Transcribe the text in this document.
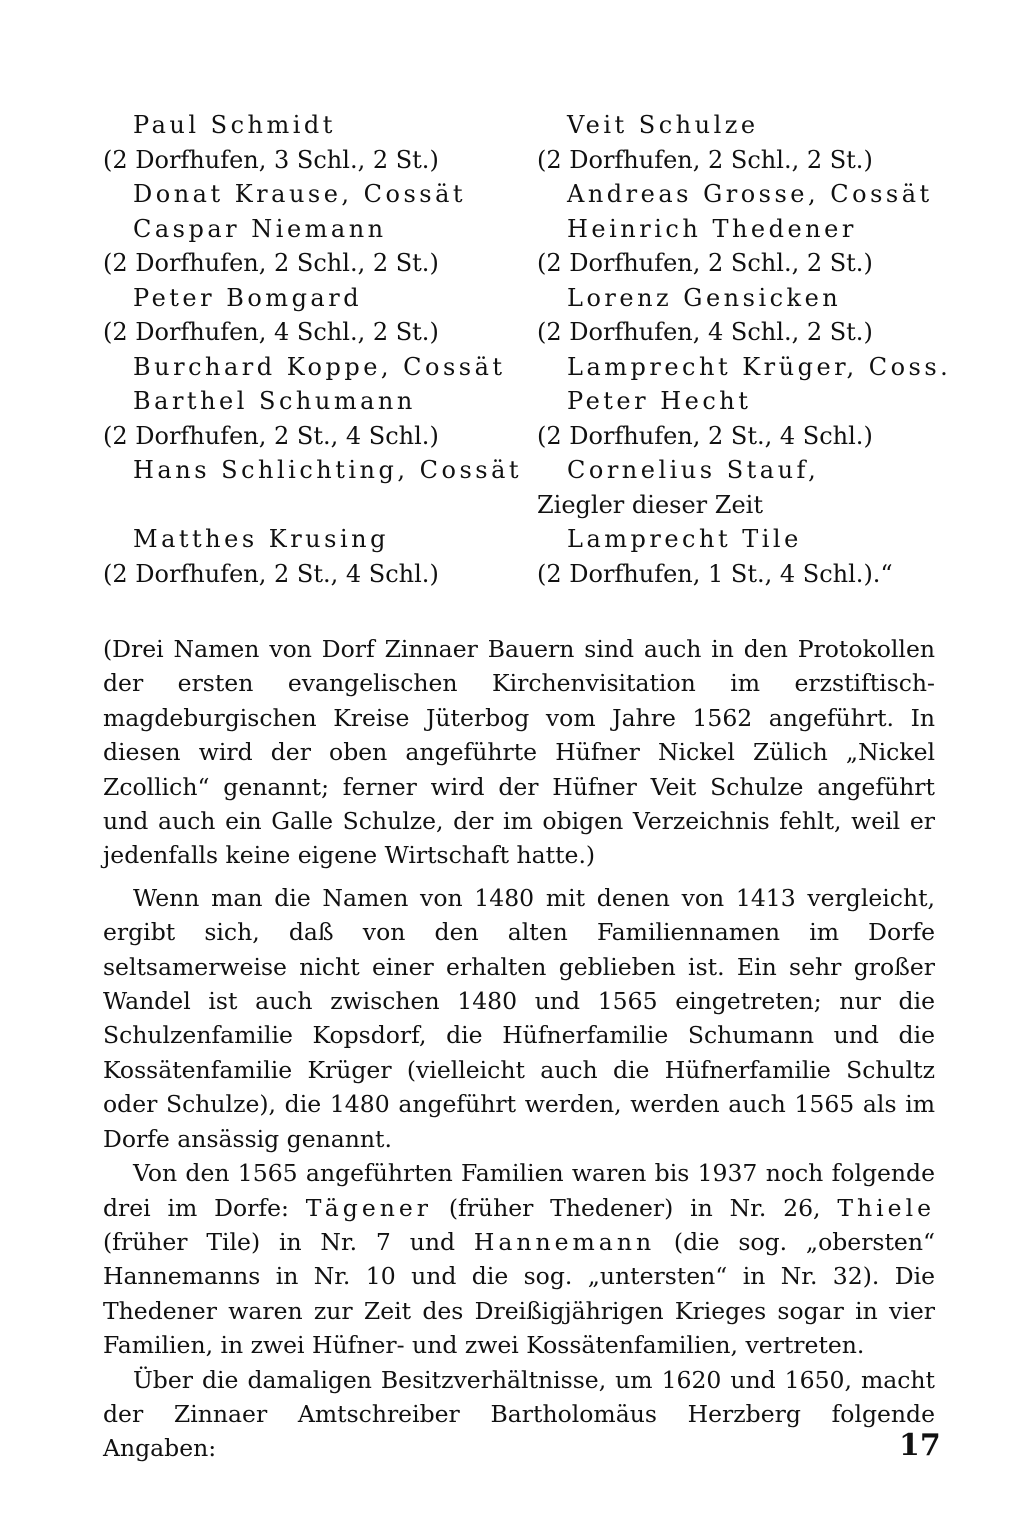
Paul Schmidt
(2 Dorfhufen, 3 Schl., 2 St.)
Donat Krause, Cossät
Caspar Niemann
(2 Dorfhufen, 2 Schl., 2 St.)
Peter Bomgard
(2 Dorfhufen, 4 Schl., 2 St.)
Burchard Koppe, Cossät
Barthel Schumann
(2 Dorfhufen, 2 St., 4 Schl.)
Hans Schlichting, Cossät
Matthes Krusing
(2 Dorfhufen, 2 St., 4 Schl.)
Veit Schulze
(2 Dorfhufen, 2 Schl., 2 St.)
Andreas Grosse, Cossät
Heinrich Thedener
(2 Dorfhufen, 2 Schl., 2 St.)
Lorenz Gensicken
(2 Dorfhufen, 4 Schl., 2 St.)
Lamprecht Krüger, Coss.
Peter Hecht
(2 Dorfhufen, 2 St., 4 Schl.)
Cornelius Stauf,
Ziegler dieser Zeit
Lamprecht Tile
(2 Dorfhufen, 1 St., 4 Schl.).“

(Drei Namen von Dorf Zinnaer Bauern sind auch in den Protokollen der ersten evangelischen Kirchenvisitation im erzstiftisch-magdeburgischen Kreise Jüterbog vom Jahre 1562 angeführt. In diesen wird der oben angeführte Hüfner Nickel Zülich „Nickel Zcollich“ genannt; ferner wird der Hüfner Veit Schulze angeführt und auch ein Galle Schulze, der im obigen Verzeichnis fehlt, weil er jedenfalls keine eigene Wirtschaft hatte.)

Wenn man die Namen von 1480 mit denen von 1413 vergleicht, ergibt sich, daß von den alten Familiennamen im Dorfe seltsamerweise nicht einer erhalten geblieben ist. Ein sehr großer Wandel ist auch zwischen 1480 und 1565 eingetreten; nur die Schulzenfamilie Kopsdorf, die Hüfnerfamilie Schumann und die Kossätenfamilie Krüger (vielleicht auch die Hüfnerfamilie Schultz oder Schulze), die 1480 angeführt werden, werden auch 1565 als im Dorfe ansässig genannt.

Von den 1565 angeführten Familien waren bis 1937 noch folgende drei im Dorfe: Tägener (früher Thedener) in Nr. 26, Thiele (früher Tile) in Nr. 7 und Hannemann (die sog. „obersten“ Hannemanns in Nr. 10 und die sog. „untersten“ in Nr. 32). Die Thedener waren zur Zeit des Dreißigjährigen Krieges sogar in vier Familien, in zwei Hüfner- und zwei Kossätenfamilien, vertreten.

Über die damaligen Besitzverhältnisse, um 1620 und 1650, macht der Zinnaer Amtschreiber Bartholomäus Herzberg folgende Angaben:	17
